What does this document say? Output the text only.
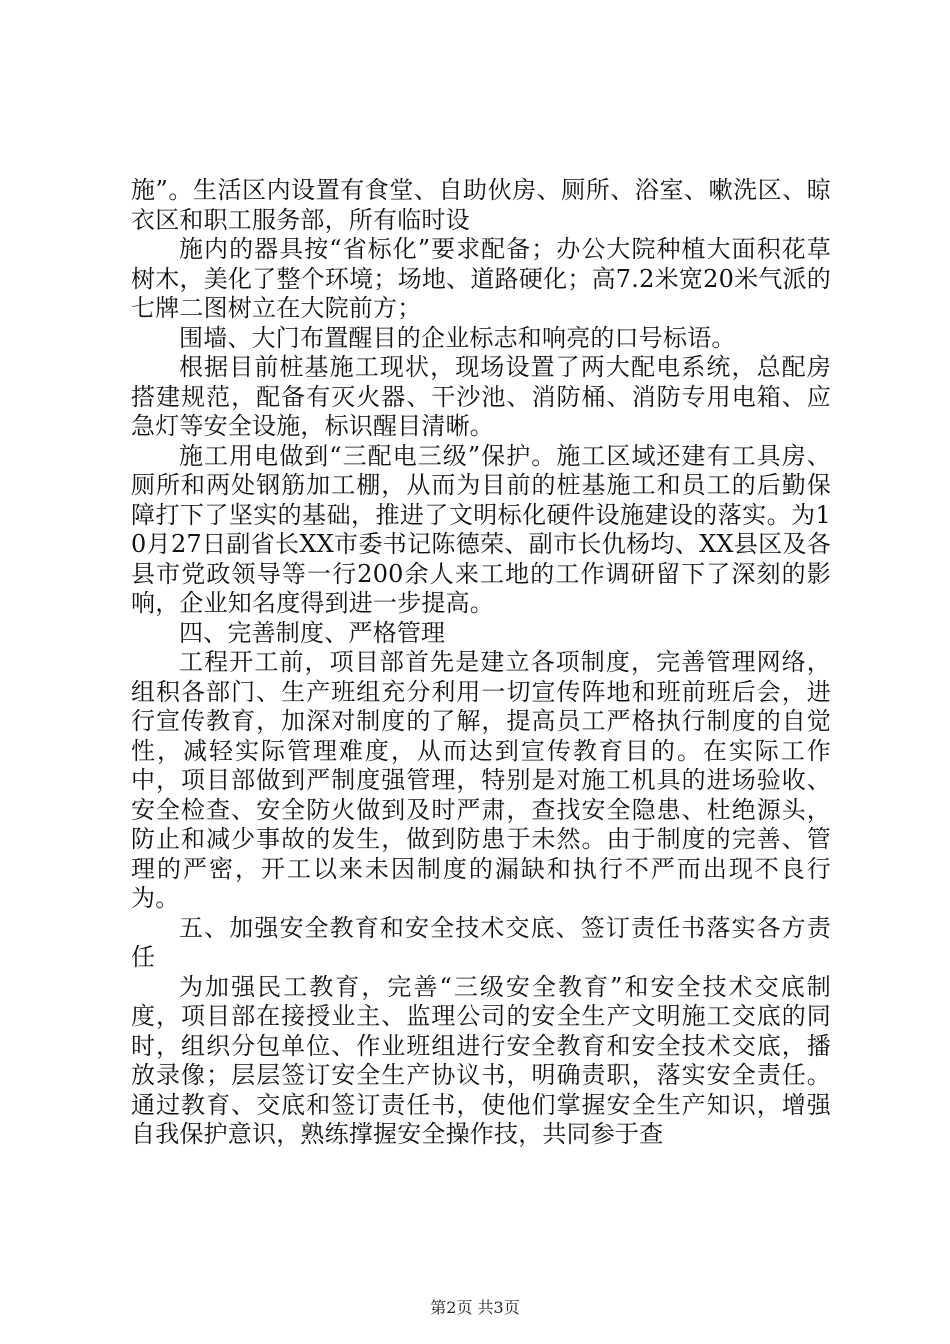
施”。生活区内设置有食堂、自助伙房、厕所、浴室、嗽洗区、晾衣区和职工服务部，所有临时设

施内的器具按“省标化”要求配备；办公大院种植大面积花草树木，美化了整个环境；场地、道路硬化；高7.2米宽20米气派的七牌二图树立在大院前方；

围墙、大门布置醒目的企业标志和响亮的口号标语。

根据目前桩基施工现状，现场设置了两大配电系统，总配房搭建规范，配备有灭火器、干沙池、消防桶、消防专用电箱、应急灯等安全设施，标识醒目清晰。

施工用电做到“三配电三级”保护。施工区域还建有工具房、厕所和两处钢筋加工棚，从而为目前的桩基施工和员工的后勤保障打下了坚实的基础，推进了文明标化硬件设施建设的落实。为10月27日副省长XX市委书记陈德荣、副市长仇杨均、XX县区及各县市党政领导等一行200余人来工地的工作调研留下了深刻的影响，企业知名度得到进一步提高。

四、完善制度、严格管理

工程开工前，项目部首先是建立各项制度，完善管理网络，组积各部门、生产班组充分利用一切宣传阵地和班前班后会，进行宣传教育，加深对制度的了解，提高员工严格执行制度的自觉性，减轻实际管理难度，从而达到宣传教育目的。在实际工作中，项目部做到严制度强管理，特别是对施工机具的进场验收、安全检查、安全防火做到及时严肃，查找安全隐患、杜绝源头，防止和减少事故的发生，做到防患于未然。由于制度的完善、管理的严密，开工以来未因制度的漏缺和执行不严而出现不良行为。

五、加强安全教育和安全技术交底、签订责任书落实各方责任

为加强民工教育，完善“三级安全教育”和安全技术交底制度，项目部在接授业主、监理公司的安全生产文明施工交底的同时，组织分包单位、作业班组进行安全教育和安全技术交底，播放录像；层层签订安全生产协议书，明确责职，落实安全责任。通过教育、交底和签订责任书，使他们掌握安全生产知识，增强自我保护意识，熟练撑握安全操作技，共同参于查

第2页 共3页
